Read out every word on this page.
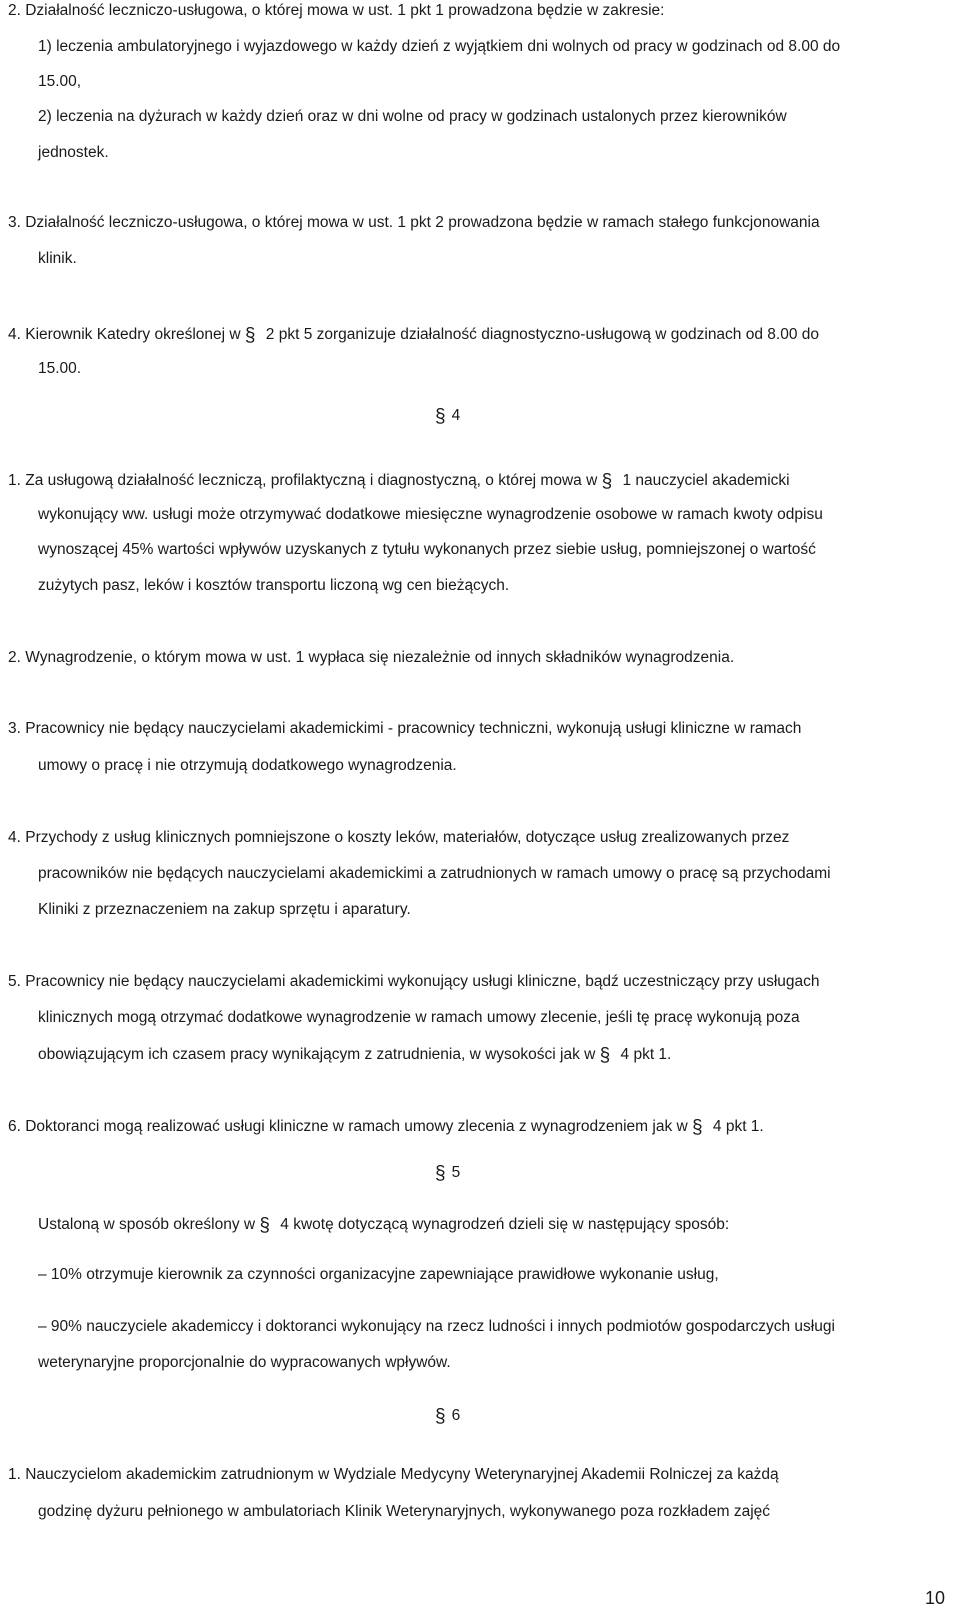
2. Działalność leczniczo-usługowa, o której mowa w ust. 1 pkt 1 prowadzona będzie w zakresie:
1) leczenia ambulatoryjnego i wyjazdowego w każdy dzień z wyjątkiem dni wolnych od pracy w godzinach od 8.00 do
15.00,
2) leczenia na dyżurach w każdy dzień oraz w dni wolne od pracy w godzinach ustalonych przez kierowników
jednostek.
3. Działalność leczniczo-usługowa, o której mowa w ust. 1 pkt 2 prowadzona będzie w ramach stałego funkcjonowania
klinik.
4. Kierownik Katedry określonej w § 2 pkt 5 zorganizuje działalność diagnostyczno-usługową w godzinach od 8.00 do
15.00.
§ 4
1. Za usługową działalność leczniczą, profilaktyczną i diagnostyczną, o której mowa w § 1 nauczyciel akademicki
wykonujący ww. usługi może otrzymywać dodatkowe miesięczne wynagrodzenie osobowe w ramach kwoty odpisu
wynoszącej 45% wartości wpływów uzyskanych z tytułu wykonanych przez siebie usług, pomniejszonej o wartość
zużytych pasz, leków i kosztów transportu liczoną wg cen bieżących.
2. Wynagrodzenie, o którym mowa w ust. 1 wypłaca się niezależnie od innych składników wynagrodzenia.
3. Pracownicy nie będący nauczycielami akademickimi - pracownicy techniczni, wykonują usługi kliniczne w ramach
umowy o pracę i nie otrzymują dodatkowego wynagrodzenia.
4. Przychody z usług klinicznych pomniejszone o koszty leków, materiałów, dotyczące usług zrealizowanych przez
pracowników nie będących nauczycielami akademickimi a zatrudnionych w ramach umowy o pracę są przychodami
Kliniki z przeznaczeniem na zakup sprzętu i aparatury.
5. Pracownicy nie będący nauczycielami akademickimi wykonujący usługi kliniczne, bądź uczestniczący przy usługach
klinicznych mogą otrzymać dodatkowe wynagrodzenie w ramach umowy zlecenie, jeśli tę pracę wykonują poza
obowiązującym ich czasem pracy wynikającym z zatrudnienia, w wysokości jak w § 4 pkt 1.
6. Doktoranci mogą realizować usługi kliniczne w ramach umowy zlecenia z wynagrodzeniem jak w § 4 pkt 1.
§ 5
Ustaloną w sposób określony w § 4 kwotę dotyczącą wynagrodzeń dzieli się w następujący sposób:
– 10% otrzymuje kierownik za czynności organizacyjne zapewniające prawidłowe wykonanie usług,
– 90% nauczyciele akademiccy i doktoranci wykonujący na rzecz ludności i innych podmiotów gospodarczych usługi
weterynaryjne proporcjonalnie do wypracowanych wpływów.
§ 6
1. Nauczycielom akademickim zatrudnionym w Wydziale Medycyny Weterynaryjnej Akademii Rolniczej za każdą
godzinę dyżuru pełnionego w ambulatoriach Klinik Weterynaryjnych, wykonywanego poza rozkładem zajęć
10
